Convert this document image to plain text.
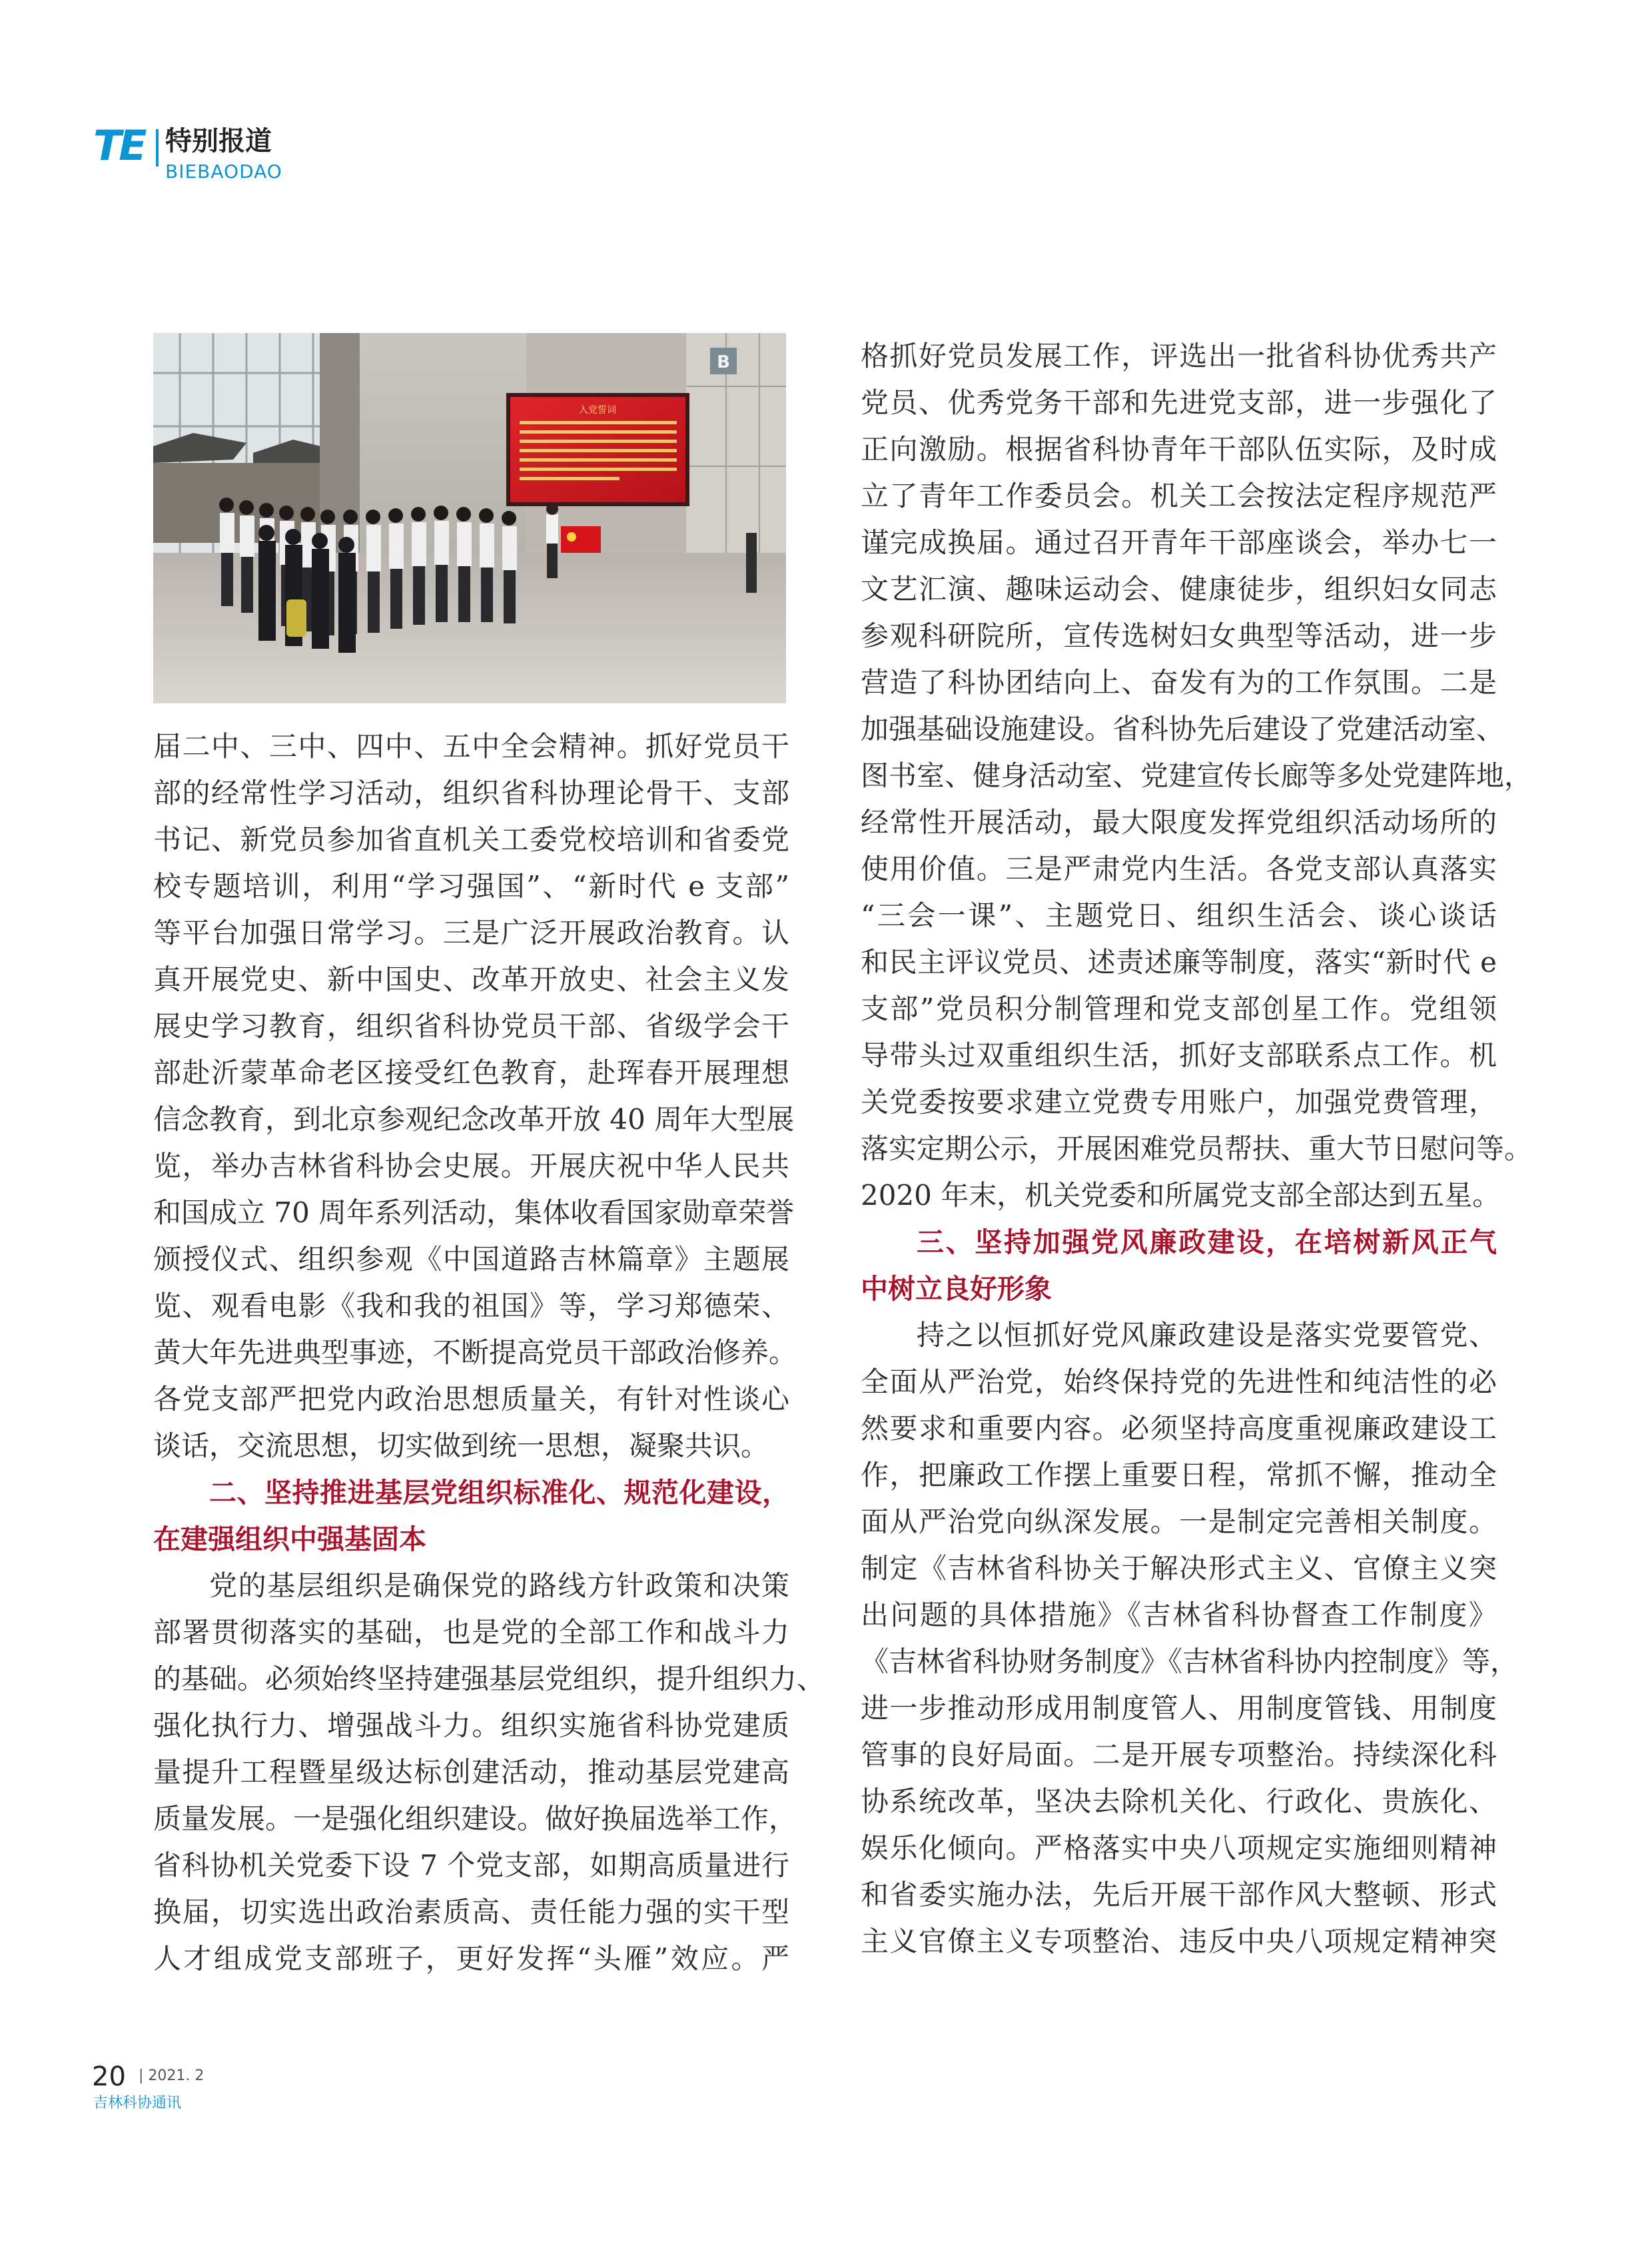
TE 特别报道
BIEBAODAO
B
入党誓词
届二中、三中、四中、五中全会精神。抓好党员干
部的经常性学习活动，组织省科协理论骨干、支部
书记、新党员参加省直机关工委党校培训和省委党
校专题培训，利用“学习强国”、“新时代 e 支部”
等平台加强日常学习。三是广泛开展政治教育。认
真开展党史、新中国史、改革开放史、社会主义发
展史学习教育，组织省科协党员干部、省级学会干
部赴沂蒙革命老区接受红色教育，赴珲春开展理想
信念教育，到北京参观纪念改革开放 40 周年大型展
览，举办吉林省科协会史展。开展庆祝中华人民共
和国成立 70 周年系列活动，集体收看国家勋章荣誉
颁授仪式、组织参观《中国道路吉林篇章》主题展
览、观看电影《我和我的祖国》等，学习郑德荣、
黄大年先进典型事迹，不断提高党员干部政治修养。
各党支部严把党内政治思想质量关，有针对性谈心
谈话，交流思想，切实做到统一思想，凝聚共识。
二、坚持推进基层党组织标准化、规范化建设，
在建强组织中强基固本
党的基层组织是确保党的路线方针政策和决策
部署贯彻落实的基础，也是党的全部工作和战斗力
的基础。必须始终坚持建强基层党组织，提升组织力、
强化执行力、增强战斗力。组织实施省科协党建质
量提升工程暨星级达标创建活动，推动基层党建高
质量发展。一是强化组织建设。做好换届选举工作，
省科协机关党委下设 7 个党支部，如期高质量进行
换届，切实选出政治素质高、责任能力强的实干型
人才组成党支部班子，更好发挥“头雁”效应。严
格抓好党员发展工作，评选出一批省科协优秀共产
党员、优秀党务干部和先进党支部，进一步强化了
正向激励。根据省科协青年干部队伍实际，及时成
立了青年工作委员会。机关工会按法定程序规范严
谨完成换届。通过召开青年干部座谈会，举办七一
文艺汇演、趣味运动会、健康徒步，组织妇女同志
参观科研院所，宣传选树妇女典型等活动，进一步
营造了科协团结向上、奋发有为的工作氛围。二是
加强基础设施建设。省科协先后建设了党建活动室、
图书室、健身活动室、党建宣传长廊等多处党建阵地，
经常性开展活动，最大限度发挥党组织活动场所的
使用价值。三是严肃党内生活。各党支部认真落实
“三会一课”、主题党日、组织生活会、谈心谈话
和民主评议党员、述责述廉等制度，落实“新时代 e
支部”党员积分制管理和党支部创星工作。党组领
导带头过双重组织生活，抓好支部联系点工作。机
关党委按要求建立党费专用账户，加强党费管理，
落实定期公示，开展困难党员帮扶、重大节日慰问等。
2020 年末，机关党委和所属党支部全部达到五星。
三、坚持加强党风廉政建设，在培树新风正气
中树立良好形象
持之以恒抓好党风廉政建设是落实党要管党、
全面从严治党，始终保持党的先进性和纯洁性的必
然要求和重要内容。必须坚持高度重视廉政建设工
作，把廉政工作摆上重要日程，常抓不懈，推动全
面从严治党向纵深发展。一是制定完善相关制度。
制定《吉林省科协关于解决形式主义、官僚主义突
出问题的具体措施》《吉林省科协督查工作制度》
《吉林省科协财务制度》《吉林省科协内控制度》等，
进一步推动形成用制度管人、用制度管钱、用制度
管事的良好局面。二是开展专项整治。持续深化科
协系统改革，坚决去除机关化、行政化、贵族化、
娱乐化倾向。严格落实中央八项规定实施细则精神
和省委实施办法，先后开展干部作风大整顿、形式
主义官僚主义专项整治、违反中央八项规定精神突
20 | 2021. 2
吉林科协通讯
